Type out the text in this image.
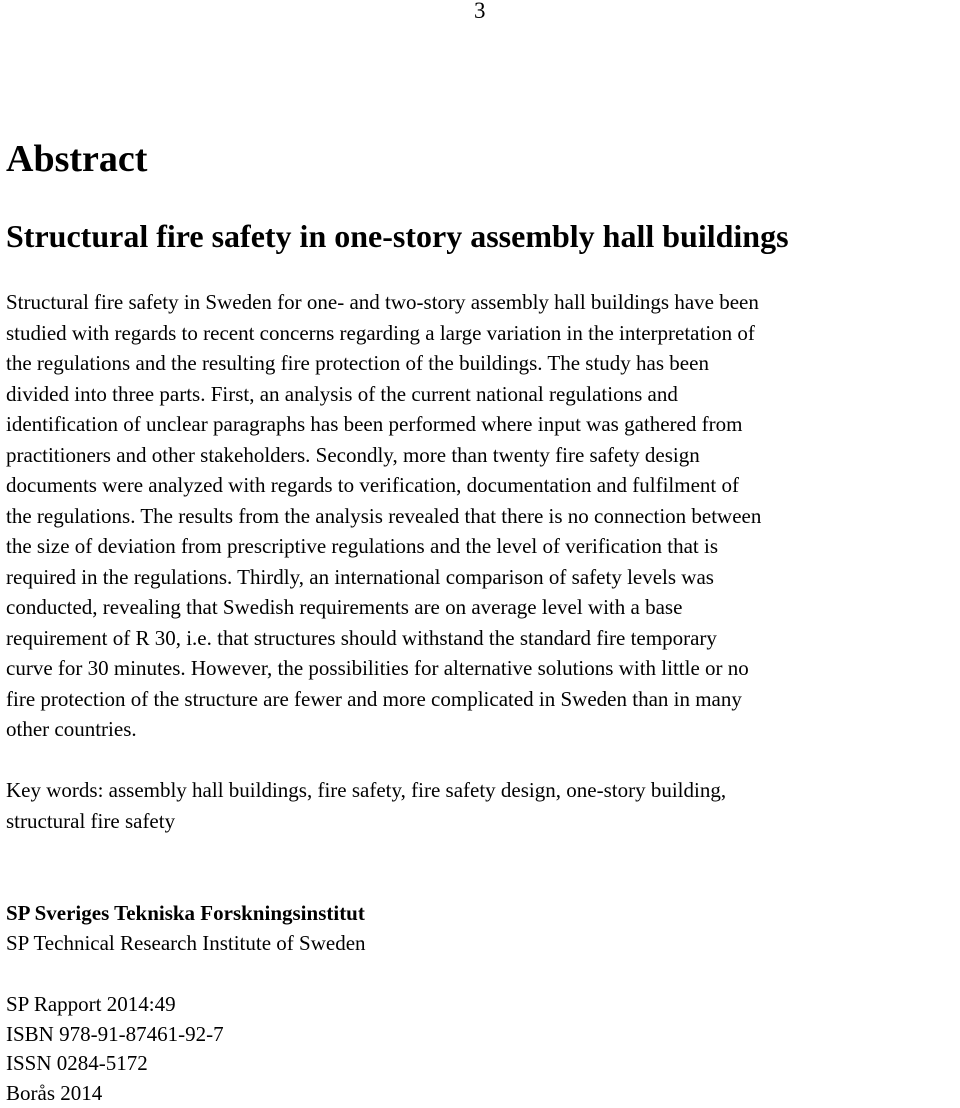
3
Abstract
Structural fire safety in one-story assembly hall buildings
Structural fire safety in Sweden for one- and two-story assembly hall buildings have been
studied with regards to recent concerns regarding a large variation in the interpretation of
the regulations and the resulting fire protection of the buildings. The study has been
divided into three parts. First, an analysis of the current national regulations and
identification of unclear paragraphs has been performed where input was gathered from
practitioners and other stakeholders. Secondly, more than twenty fire safety design
documents were analyzed with regards to verification, documentation and fulfilment of
the regulations. The results from the analysis revealed that there is no connection between
the size of deviation from prescriptive regulations and the level of verification that is
required in the regulations. Thirdly, an international comparison of safety levels was
conducted, revealing that Swedish requirements are on average level with a base
requirement of R 30, i.e. that structures should withstand the standard fire temporary
curve for 30 minutes. However, the possibilities for alternative solutions with little or no
fire protection of the structure are fewer and more complicated in Sweden than in many
other countries.
Key words: assembly hall buildings, fire safety, fire safety design, one-story building,
structural fire safety
SP Sveriges Tekniska Forskningsinstitut
SP Technical Research Institute of Sweden
SP Rapport 2014:49
ISBN 978-91-87461-92-7
ISSN 0284-5172
Borås 2014
